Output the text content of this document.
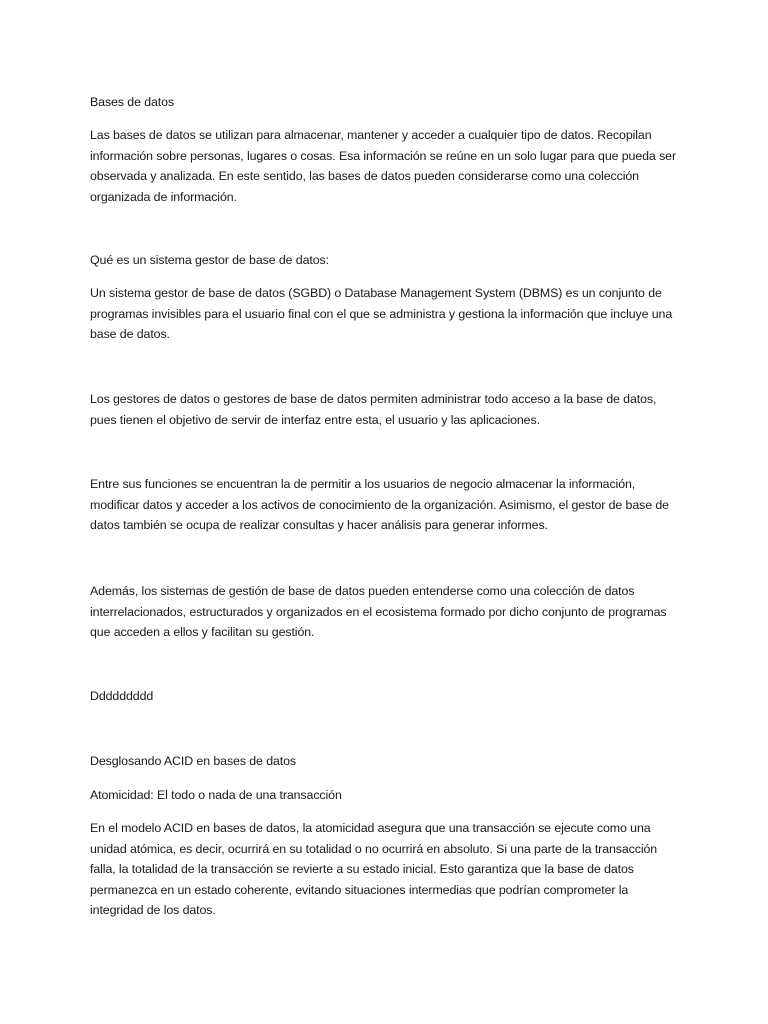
Bases de datos

Las bases de datos se utilizan para almacenar, mantener y acceder a cualquier tipo de datos. Recopilan información sobre personas, lugares o cosas. Esa información se reúne en un solo lugar para que pueda ser observada y analizada. En este sentido, las bases de datos pueden considerarse como una colección organizada de información.

Qué es un sistema gestor de base de datos:

Un sistema gestor de base de datos (SGBD) o Database Management System (DBMS) es un conjunto de programas invisibles para el usuario final con el que se administra y gestiona la información que incluye una base de datos.

Los gestores de datos o gestores de base de datos permiten administrar todo acceso a la base de datos, pues tienen el objetivo de servir de interfaz entre esta, el usuario y las aplicaciones.

Entre sus funciones se encuentran la de permitir a los usuarios de negocio almacenar la información, modificar datos y acceder a los activos de conocimiento de la organización. Asimismo, el gestor de base de datos también se ocupa de realizar consultas y hacer análisis para generar informes.

Además, los sistemas de gestión de base de datos pueden entenderse como una colección de datos interrelacionados, estructurados y organizados en el ecosistema formado por dicho conjunto de programas que acceden a ellos y facilitan su gestión.

Ddddddddd

Desglosando ACID en bases de datos

Atomicidad: El todo o nada de una transacción

En el modelo ACID en bases de datos, la atomicidad asegura que una transacción se ejecute como una unidad atómica, es decir, ocurrirá en su totalidad o no ocurrirá en absoluto. Si una parte de la transacción falla, la totalidad de la transacción se revierte a su estado inicial. Esto garantiza que la base de datos permanezca en un estado coherente, evitando situaciones intermedias que podrían comprometer la integridad de los datos.
